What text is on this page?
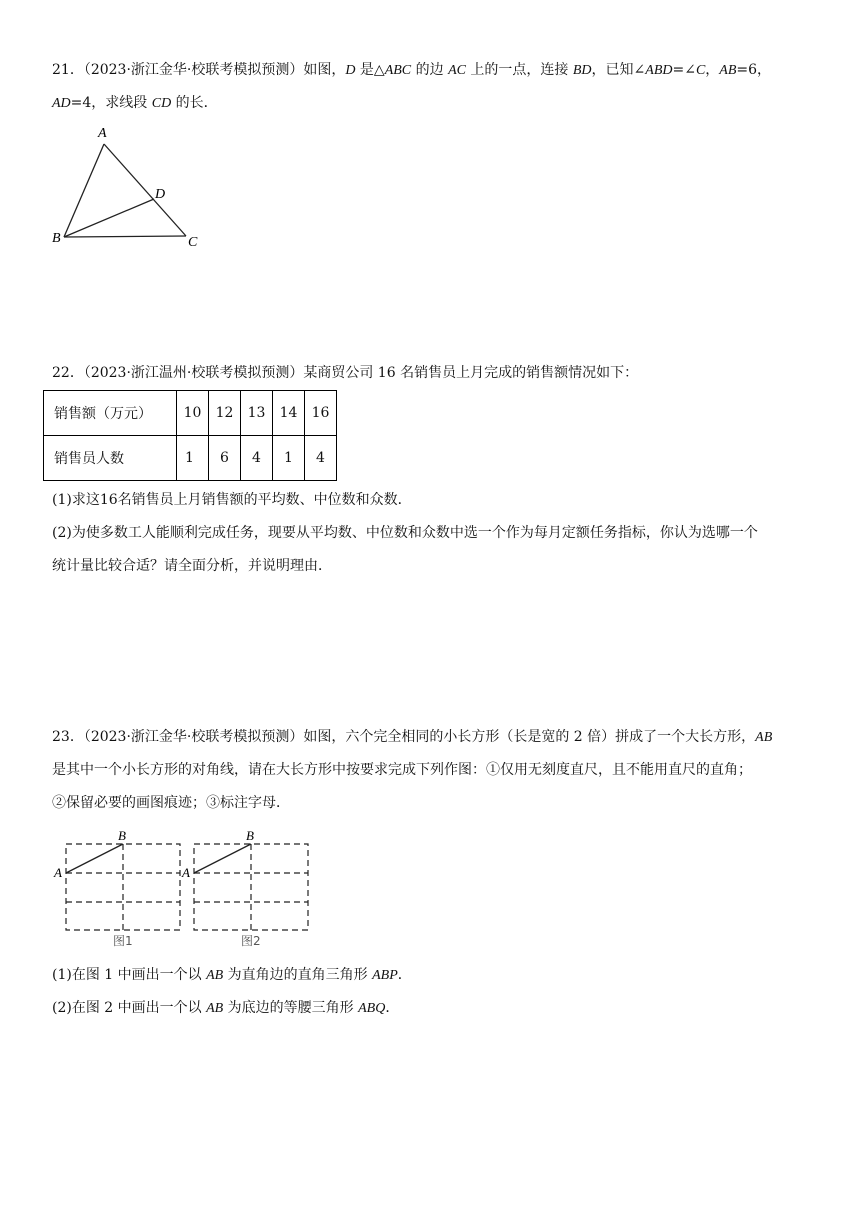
21．（2023·浙江金华·校联考模拟预测）如图，D 是△ABC 的边 AC 上的一点，连接 BD，已知∠ABD=∠C，AB=6，
AD=4，求线段 CD 的长．
A
B	C
D
22．（2023·浙江温州·校联考模拟预测）某商贸公司 16 名销售员上月完成的销售额情况如下：
销售额（万元）	10	12	13	14	16
销售员人数	1	6	4	1	4
(1)求这16名销售员上月销售额的平均数、中位数和众数．
(2)为使多数工人能顺利完成任务，现要从平均数、中位数和众数中选一个作为每月定额任务指标，你认为选哪一个
统计量比较合适？请全面分析，并说明理由．
23．（2023·浙江金华·校联考模拟预测）如图，六个完全相同的小长方形（长是宽的 2 倍）拼成了一个大长方形，AB
是其中一个小长方形的对角线，请在大长方形中按要求完成下列作图：①仅用无刻度直尺，且不能用直尺的直角；
②保留必要的画图痕迹；③标注字母．
A
B
图1
A
B
图2
(1)在图 1 中画出一个以 AB 为直角边的直角三角形 ABP．
(2)在图 2 中画出一个以 AB 为底边的等腰三角形 ABQ．
